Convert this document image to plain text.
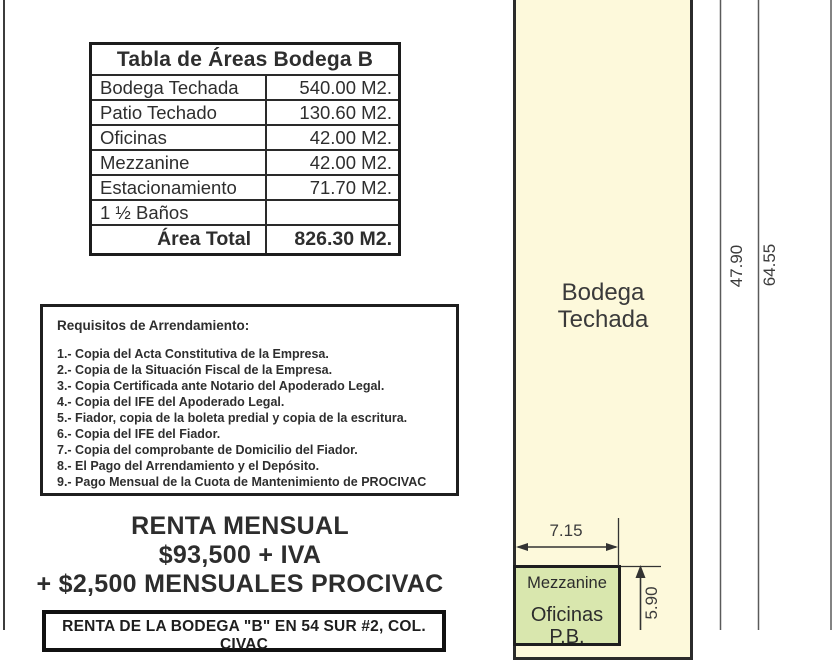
Tabla de Áreas Bodega B
Bodega Techada	540.00 M2.
Patio Techado	130.60 M2.
Oficinas	42.00 M2.
Mezzanine	42.00 M2.
Estacionamiento	71.70 M2.
1 ½ Baños
Área Total	826.30 M2.
Requisitos de Arrendamiento:
1.- Copia del Acta Constitutiva de la Empresa.
2.- Copia de la Situación Fiscal de la Empresa.
3.- Copia Certificada ante Notario del Apoderado Legal.
4.- Copia del IFE del Apoderado Legal.
5.- Fiador, copia de la boleta predial y copia de la escritura.
6.- Copia del IFE del Fiador.
7.- Copia del comprobante de Domicilio del Fiador.
8.- El Pago del Arrendamiento y el Depósito.
9.- Pago Mensual de la Cuota de Mantenimiento de PROCIVAC
RENTA MENSUAL
$93,500 + IVA
+ $2,500 MENSUALES PROCIVAC
RENTA DE LA BODEGA "B" EN 54 SUR #2, COL. CIVAC
Bodega
Techada
Mezzanine
Oficinas
P.B.
7.15
5.90
47.90 64.55
